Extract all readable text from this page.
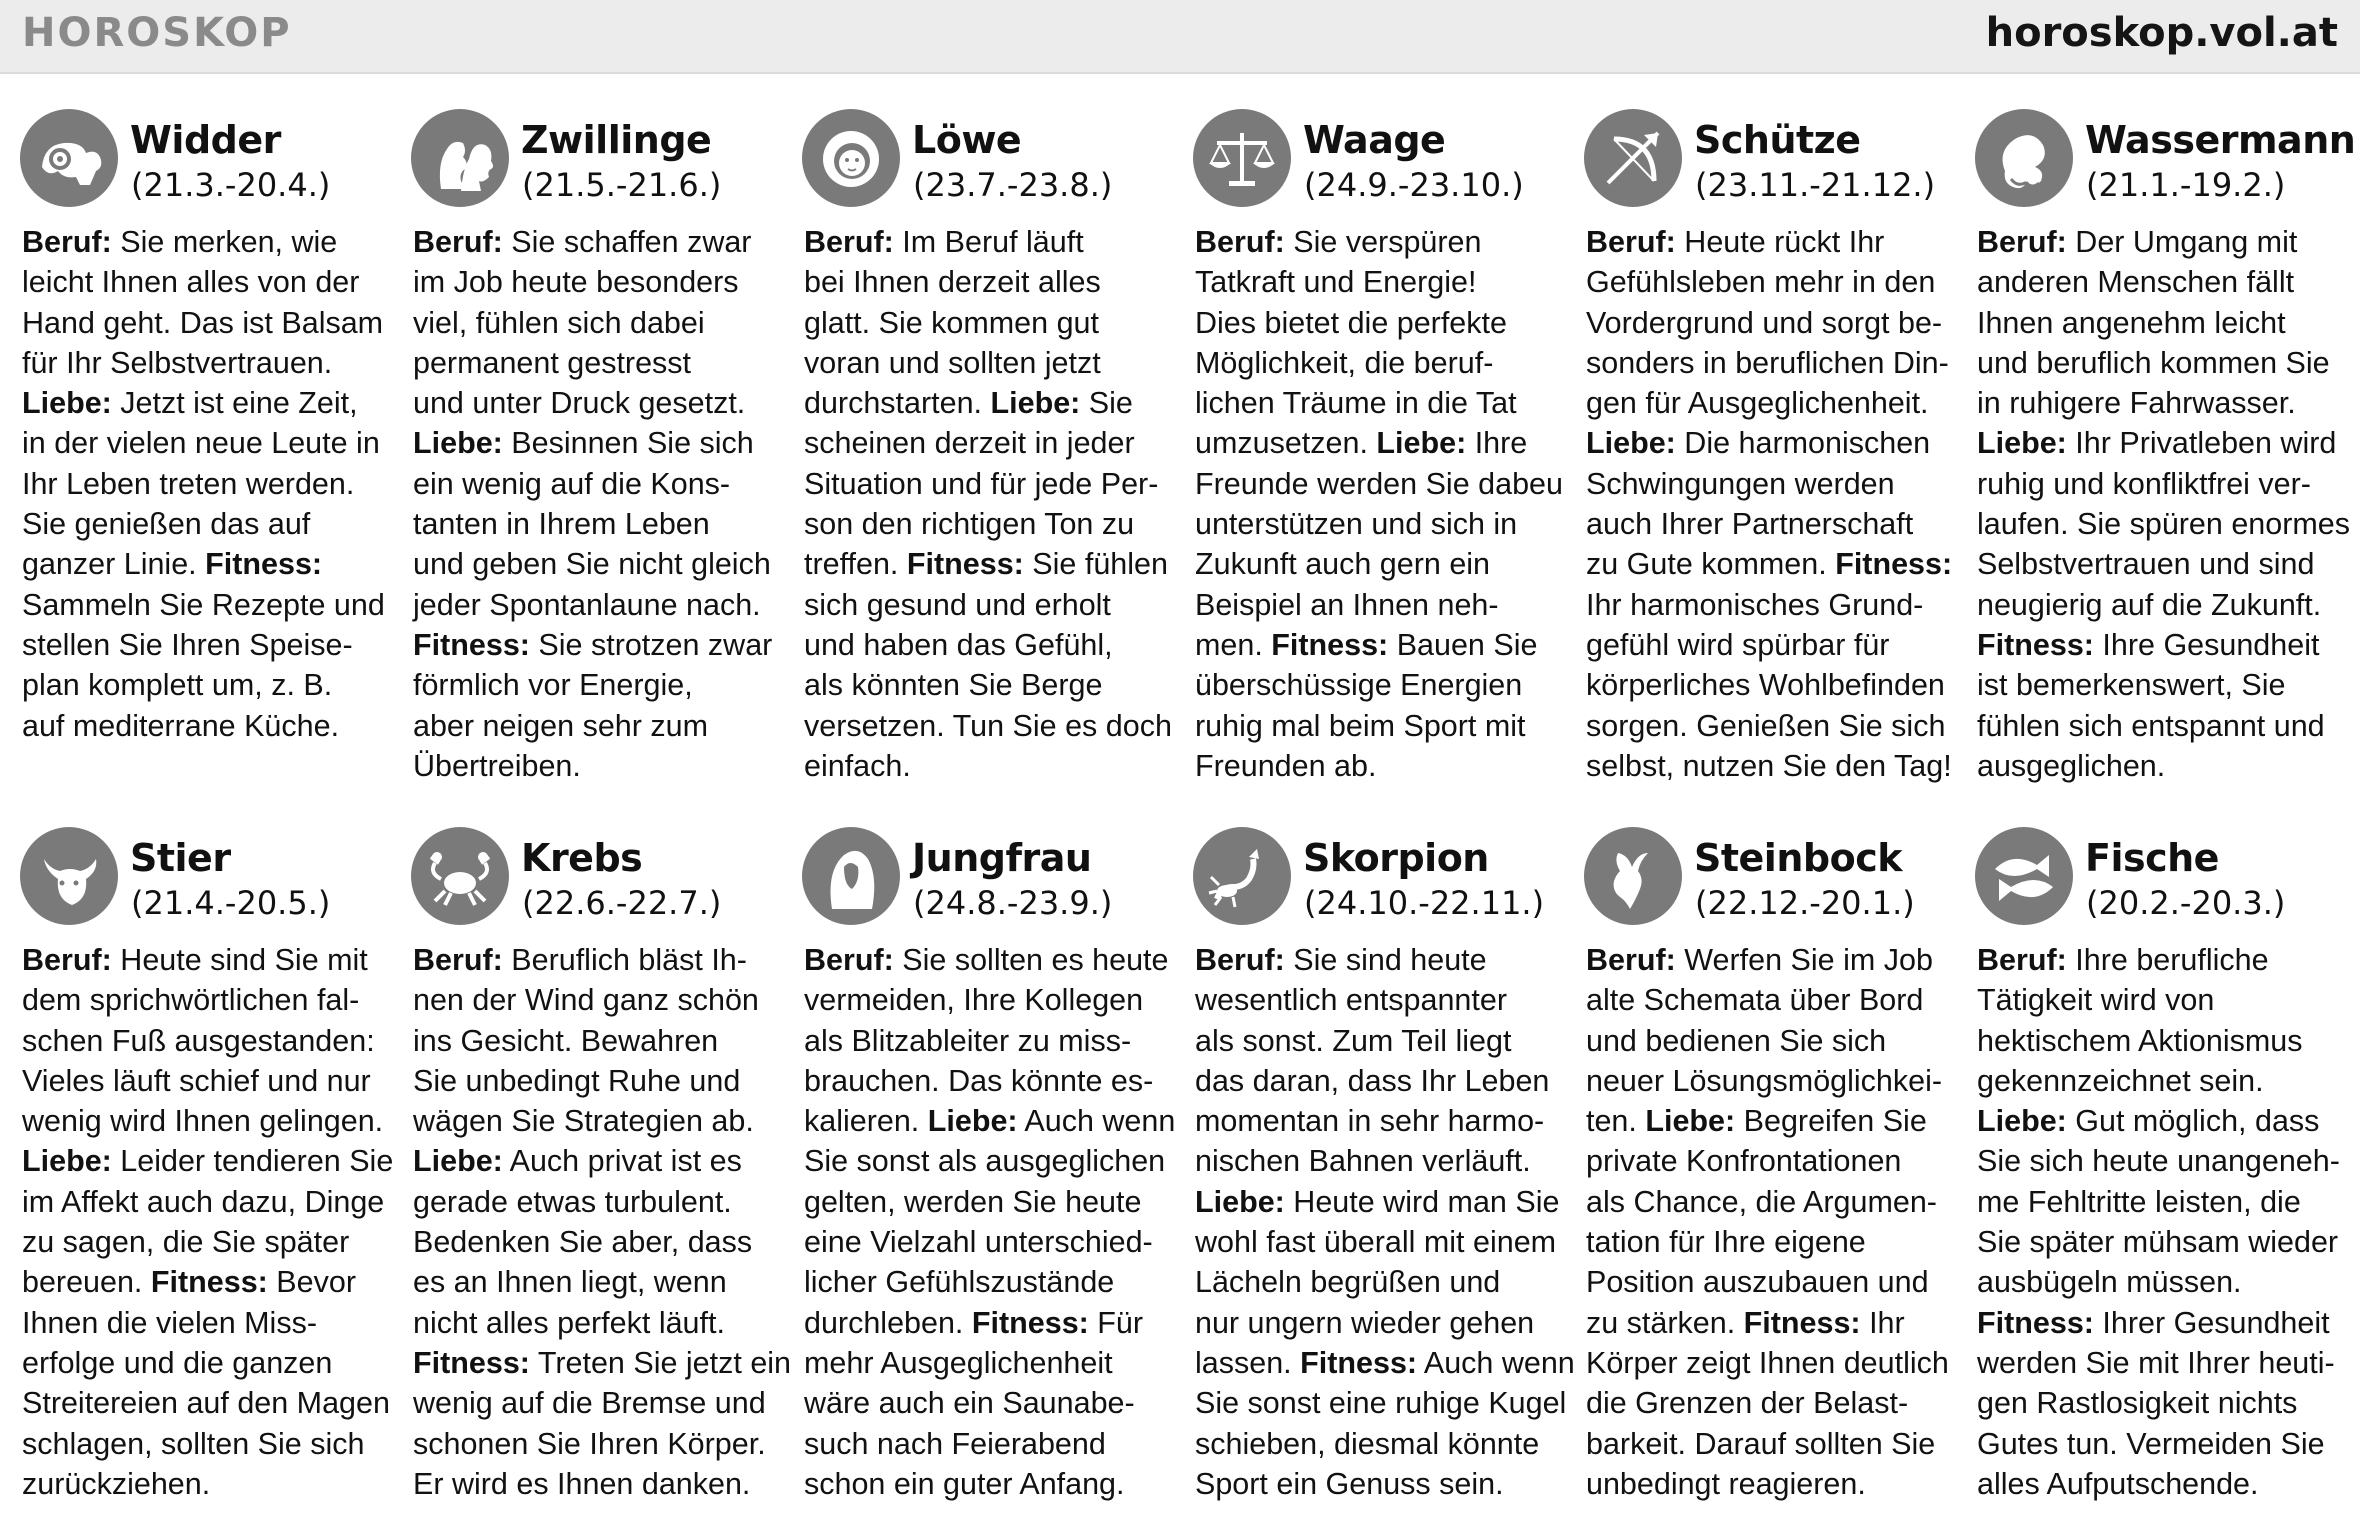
HOROSKOP	horoskop.vol.at
Widder
(21.3.-20.4.)
Beruf: Sie merken, wie
leicht Ihnen alles von der
Hand geht. Das ist Balsam
für Ihr Selbstvertrauen.
Liebe: Jetzt ist eine Zeit,
in der vielen neue Leute in
Ihr Leben treten werden.
Sie genießen das auf
ganzer Linie. Fitness:
Sammeln Sie Rezepte und
stellen Sie Ihren Speise-
plan komplett um, z. B.
auf mediterrane Küche.
Zwillinge
(21.5.-21.6.)
Beruf: Sie schaffen zwar
im Job heute besonders
viel, fühlen sich dabei
permanent gestresst
und unter Druck gesetzt.
Liebe: Besinnen Sie sich
ein wenig auf die Kons-
tanten in Ihrem Leben
und geben Sie nicht gleich
jeder Spontanlaune nach.
Fitness: Sie strotzen zwar
förmlich vor Energie,
aber neigen sehr zum
Übertreiben.
Löwe
(23.7.-23.8.)
Beruf: Im Beruf läuft
bei Ihnen derzeit alles
glatt. Sie kommen gut
voran und sollten jetzt
durchstarten. Liebe: Sie
scheinen derzeit in jeder
Situation und für jede Per-
son den richtigen Ton zu
treffen. Fitness: Sie fühlen
sich gesund und erholt
und haben das Gefühl,
als könnten Sie Berge
versetzen. Tun Sie es doch
einfach.
Waage
(24.9.-23.10.)
Beruf: Sie verspüren
Tatkraft und Energie!
Dies bietet die perfekte
Möglichkeit, die beruf-
lichen Träume in die Tat
umzusetzen. Liebe: Ihre
Freunde werden Sie dabeu
unterstützen und sich in
Zukunft auch gern ein
Beispiel an Ihnen neh-
men. Fitness: Bauen Sie
überschüssige Energien
ruhig mal beim Sport mit
Freunden ab.
Schütze
(23.11.-21.12.)
Beruf: Heute rückt Ihr
Gefühlsleben mehr in den
Vordergrund und sorgt be-
sonders in beruflichen Din-
gen für Ausgeglichenheit.
Liebe: Die harmonischen
Schwingungen werden
auch Ihrer Partnerschaft
zu Gute kommen. Fitness:
Ihr harmonisches Grund-
gefühl wird spürbar für
körperliches Wohlbefinden
sorgen. Genießen Sie sich
selbst, nutzen Sie den Tag!
Wassermann
(21.1.-19.2.)
Beruf: Der Umgang mit
anderen Menschen fällt
Ihnen angenehm leicht
und beruflich kommen Sie
in ruhigere Fahrwasser.
Liebe: Ihr Privatleben wird
ruhig und konfliktfrei ver-
laufen. Sie spüren enormes
Selbstvertrauen und sind
neugierig auf die Zukunft.
Fitness: Ihre Gesundheit
ist bemerkenswert, Sie
fühlen sich entspannt und
ausgeglichen.
Stier
(21.4.-20.5.)
Beruf: Heute sind Sie mit
dem sprichwörtlichen fal-
schen Fuß ausgestanden:
Vieles läuft schief und nur
wenig wird Ihnen gelingen.
Liebe: Leider tendieren Sie
im Affekt auch dazu, Dinge
zu sagen, die Sie später
bereuen. Fitness: Bevor
Ihnen die vielen Miss-
erfolge und die ganzen
Streitereien auf den Magen
schlagen, sollten Sie sich
zurückziehen.
Krebs
(22.6.-22.7.)
Beruf: Beruflich bläst Ih-
nen der Wind ganz schön
ins Gesicht. Bewahren
Sie unbedingt Ruhe und
wägen Sie Strategien ab.
Liebe: Auch privat ist es
gerade etwas turbulent.
Bedenken Sie aber, dass
es an Ihnen liegt, wenn
nicht alles perfekt läuft.
Fitness: Treten Sie jetzt ein
wenig auf die Bremse und
schonen Sie Ihren Körper.
Er wird es Ihnen danken.
Jungfrau
(24.8.-23.9.)
Beruf: Sie sollten es heute
vermeiden, Ihre Kollegen
als Blitzableiter zu miss-
brauchen. Das könnte es-
kalieren. Liebe: Auch wenn
Sie sonst als ausgeglichen
gelten, werden Sie heute
eine Vielzahl unterschied-
licher Gefühlszustände
durchleben. Fitness: Für
mehr Ausgeglichenheit
wäre auch ein Saunabe-
such nach Feierabend
schon ein guter Anfang.
Skorpion
(24.10.-22.11.)
Beruf: Sie sind heute
wesentlich entspannter
als sonst. Zum Teil liegt
das daran, dass Ihr Leben
momentan in sehr harmo-
nischen Bahnen verläuft.
Liebe: Heute wird man Sie
wohl fast überall mit einem
Lächeln begrüßen und
nur ungern wieder gehen
lassen. Fitness: Auch wenn
Sie sonst eine ruhige Kugel
schieben, diesmal könnte
Sport ein Genuss sein.
Steinbock
(22.12.-20.1.)
Beruf: Werfen Sie im Job
alte Schemata über Bord
und bedienen Sie sich
neuer Lösungsmöglichkei-
ten. Liebe: Begreifen Sie
private Konfrontationen
als Chance, die Argumen-
tation für Ihre eigene
Position auszubauen und
zu stärken. Fitness: Ihr
Körper zeigt Ihnen deutlich
die Grenzen der Belast-
barkeit. Darauf sollten Sie
unbedingt reagieren.
Fische
(20.2.-20.3.)
Beruf: Ihre berufliche
Tätigkeit wird von
hektischem Aktionismus
gekennzeichnet sein.
Liebe: Gut möglich, dass
Sie sich heute unangeneh-
me Fehltritte leisten, die
Sie später mühsam wieder
ausbügeln müssen.
Fitness: Ihrer Gesundheit
werden Sie mit Ihrer heuti-
gen Rastlosigkeit nichts
Gutes tun. Vermeiden Sie
alles Aufputschende.
